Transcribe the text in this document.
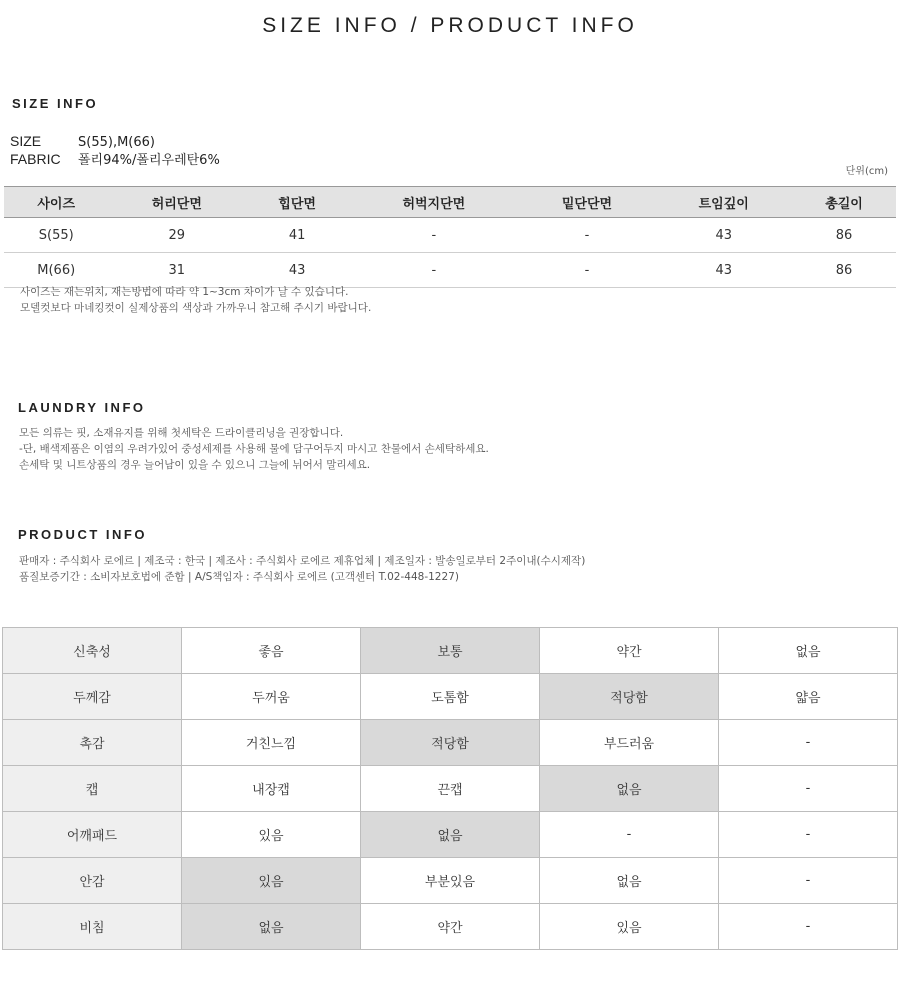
SIZE INFO / PRODUCT INFO
SIZE INFO
SIZE	S(55),M(66)
FABRIC 폴리94%/폴리우레탄6%
단위(cm)
사이즈	허리단면	힙단면	허벅지단면	밑단단면	트임깊이	총길이
S(55)	29	41	-	-	43	86
M(66)	31	43	-	-	43	86
사이즈는 재는위치, 재는방법에 따라 약 1~3cm 차이가 날 수 있습니다.
모델컷보다 마네킹컷이 실제상품의 색상과 가까우니 참고해 주시기 바랍니다.
LAUNDRY INFO
모든 의류는 핏, 소재유지를 위해 첫세탁은 드라이클리닝을 권장합니다.
-단, 배색제품은 이염의 우려가있어 중성세제를 사용해 물에 담구어두지 마시고 찬물에서 손세탁하세요.
손세탁 및 니트상품의 경우 늘어남이 있을 수 있으니 그늘에 뉘어서 말리세요.
PRODUCT INFO
판매자 : 주식회사 로에르 | 제조국 : 한국 | 제조사 : 주식회사 로에르 제휴업체 | 제조일자 : 발송일로부터 2주이내(수시제작)
품질보증기간 : 소비자보호법에 준함 | A/S책임자 : 주식회사 로에르 (고객센터 T.02-448-1227)
신축성	좋음	보통	약간	없음
두께감	두꺼움	도톰함	적당함	얇음
촉감	거친느낌	적당함	부드러움	-
캡	내장캡	끈캡	없음	-
어깨패드	있음	없음	-	-
안감	있음	부분있음	없음	-
비침	없음	약간	있음	-
